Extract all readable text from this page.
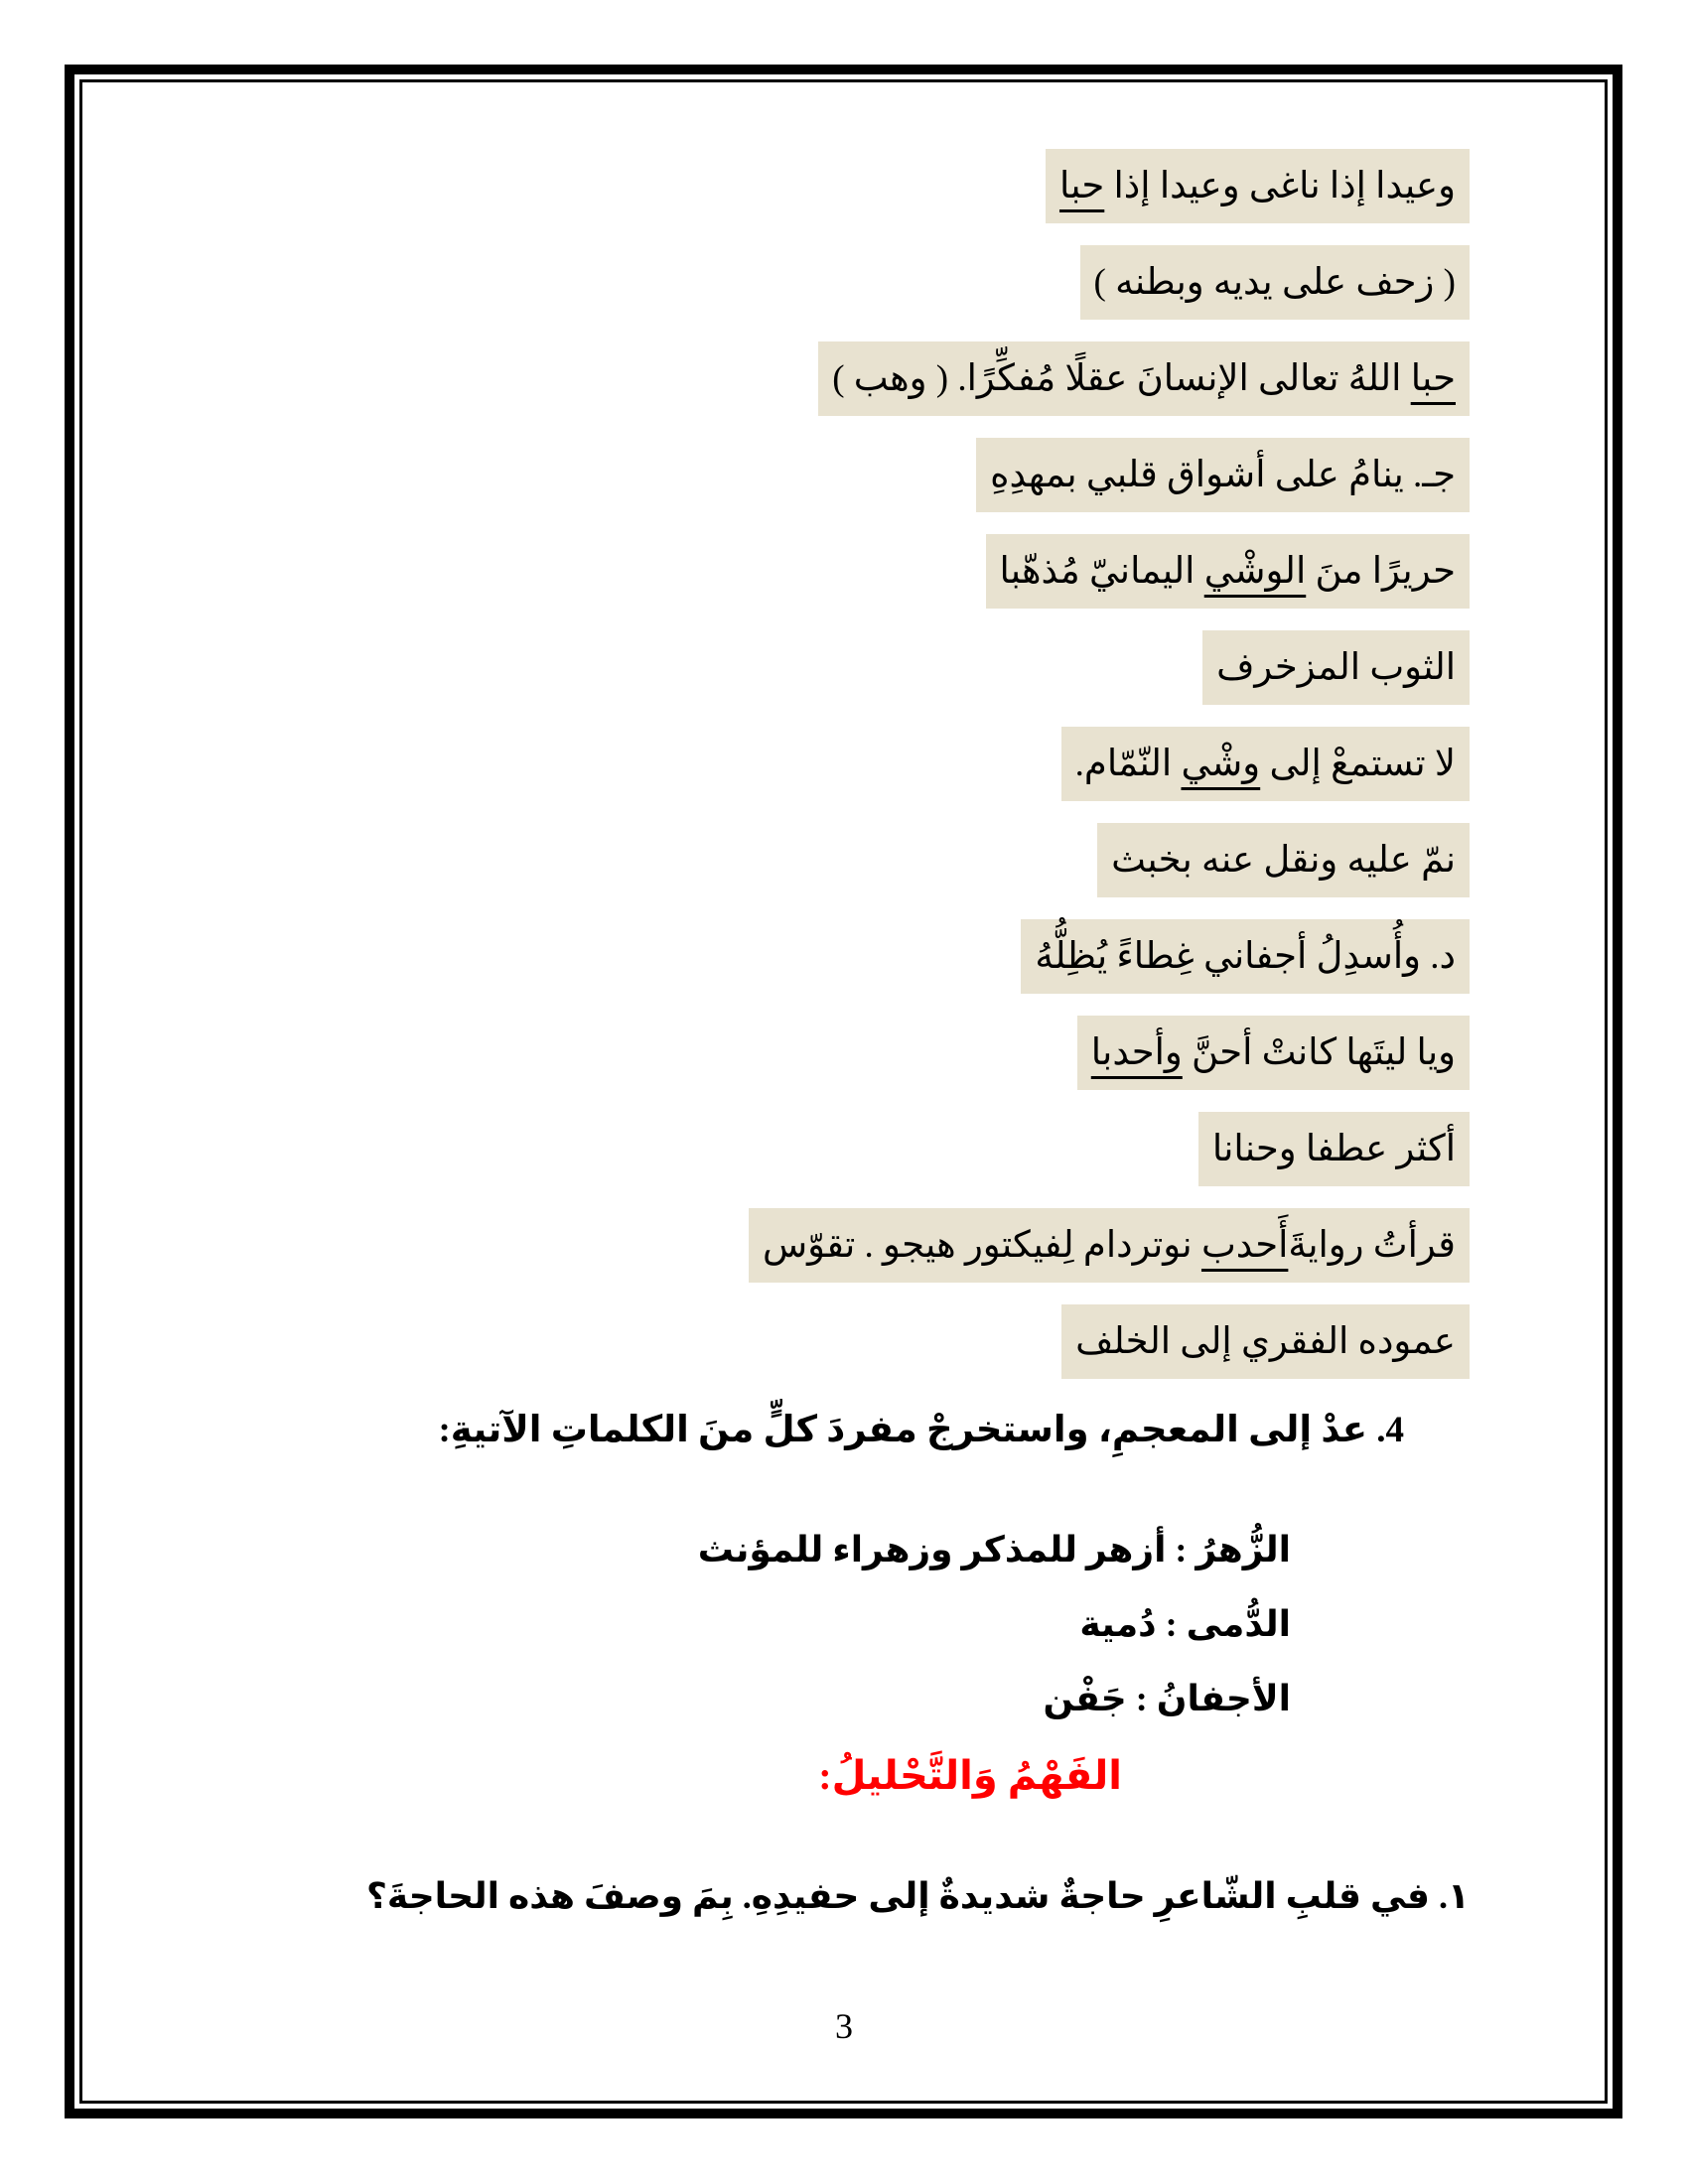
وعيدا إذا ناغى وعيدا إذا حبا
( زحف على يديه وبطنه )
حبا اللهُ تعالى الإنسانَ عقلًا مُفكِّرًا. ( وهب )
جـ. ينامُ على أشواق قلبي بمهدِهِ
حريرًا منَ الوشْي اليمانيّ مُذهّبا
الثوب المزخرف
لا تستمعْ إلى وشْي النّمّام.
نمّ عليه ونقل عنه بخبث
د. وأُسدِلُ أجفاني غِطاءً يُظِلُّهُ
ويا ليتَها كانتْ أحنَّ وأحدبا
أكثر عطفا وحنانا
قرأتُ روايةَأَحدب نوتردام لِفيكتور هيجو . تقوّس
عموده الفقري إلى الخلف
4. عدْ إلى المعجمِ، واستخرجْ مفردَ كلٍّ منَ الكلماتِ الآتيةِ:
الزُّهرُ : أزهر للمذكر وزهراء للمؤنث
الدُّمى : دُمية
الأجفانُ : جَفْن
الفَهْمُ وَالتَّحْليلُ:
١. في قلبِ الشّاعرِ حاجةٌ شديدةٌ إلى حفيدِهِ. بِمَ وصفَ هذه الحاجةَ؟
3
